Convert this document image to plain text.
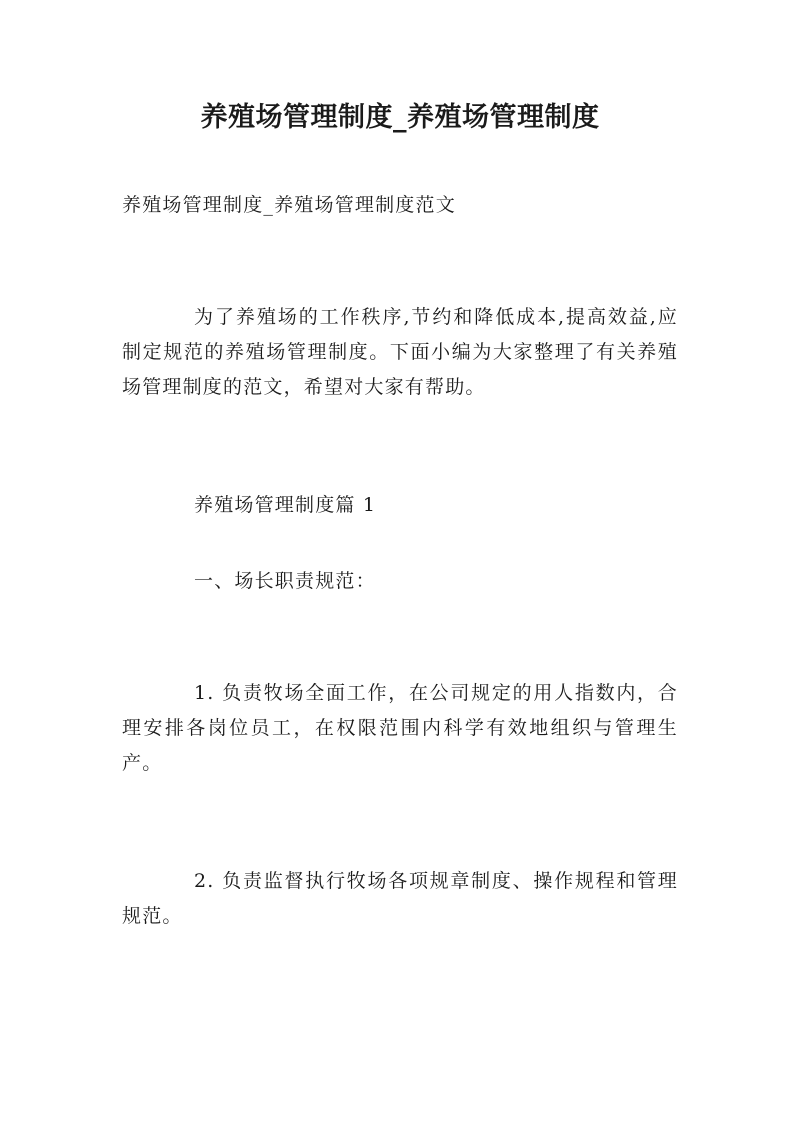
养殖场管理制度_养殖场管理制度

养殖场管理制度_养殖场管理制度范文

为了养殖场的工作秩序,节约和降低成本,提高效益,应制定规范的养殖场管理制度。下面小编为大家整理了有关养殖场管理制度的范文，希望对大家有帮助。

养殖场管理制度篇 1

一、场长职责规范：

1. 负责牧场全面工作，在公司规定的用人指数内，合理安排各岗位员工，在权限范围内科学有效地组织与管理生产。

2. 负责监督执行牧场各项规章制度、操作规程和管理规范。
